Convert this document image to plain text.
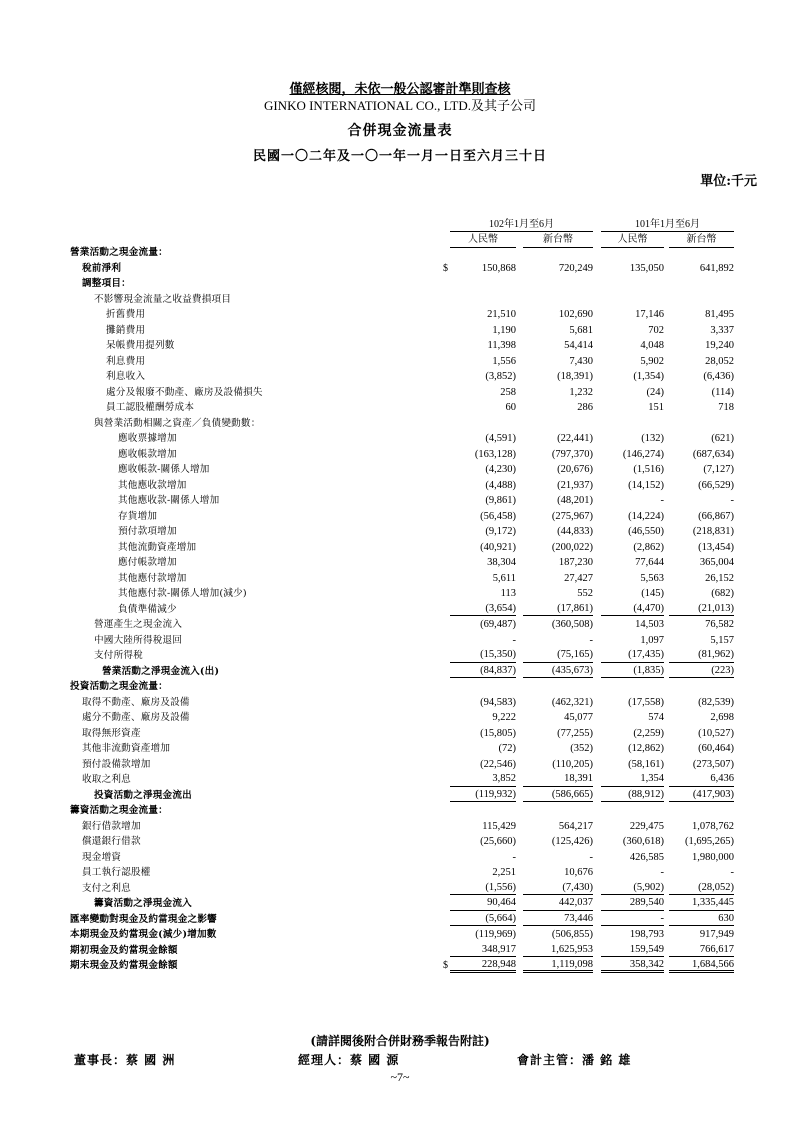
僅經核閱，未依一般公認審計準則查核
GINKO INTERNATIONAL CO., LTD.及其子公司
合併現金流量表
民國一〇二年及一〇一年一月一日至六月三十日
單位:千元
102年1月至6月	101年1月至6月
人民幣	新台幣	人民幣	新台幣
營業活動之現金流量：
稅前淨利	$	150,868	720,249	135,050	641,892
調整項目：
不影響現金流量之收益費損項目
折舊費用	21,510	102,690	17,146	81,495
攤銷費用	1,190	5,681	702	3,337
呆帳費用提列數	11,398	54,414	4,048	19,240
利息費用	1,556	7,430	5,902	28,052
利息收入	(3,852)	(18,391)	(1,354)	(6,436)
處分及報廢不動產、廠房及設備損失	258	1,232	(24)	(114)
員工認股權酬勞成本	60	286	151	718
與營業活動相關之資產／負債變動數：
應收票據增加	(4,591)	(22,441)	(132)	(621)
應收帳款增加	(163,128)	(797,370)	(146,274)	(687,634)
應收帳款-關係人增加	(4,230)	(20,676)	(1,516)	(7,127)
其他應收款增加	(4,488)	(21,937)	(14,152)	(66,529)
其他應收款-關係人增加	(9,861)	(48,201)	-	-
存貨增加	(56,458)	(275,967)	(14,224)	(66,867)
預付款項增加	(9,172)	(44,833)	(46,550)	(218,831)
其他流動資產增加	(40,921)	(200,022)	(2,862)	(13,454)
應付帳款增加	38,304	187,230	77,644	365,004
其他應付款增加	5,611	27,427	5,563	26,152
其他應付款-關係人增加(減少)	113	552	(145)	(682)
負債準備減少	(3,654)	(17,861)	(4,470)	(21,013)
營運產生之現金流入	(69,487)	(360,508)	14,503	76,582
中國大陸所得稅退回	-	-	1,097	5,157
支付所得稅	(15,350)	(75,165)	(17,435)	(81,962)
營業活動之淨現金流入(出)	(84,837)	(435,673)	(1,835)	(223)
投資活動之現金流量：
取得不動產、廠房及設備	(94,583)	(462,321)	(17,558)	(82,539)
處分不動產、廠房及設備	9,222	45,077	574	2,698
取得無形資產	(15,805)	(77,255)	(2,259)	(10,527)
其他非流動資產增加	(72)	(352)	(12,862)	(60,464)
預付設備款增加	(22,546)	(110,205)	(58,161)	(273,507)
收取之利息	3,852	18,391	1,354	6,436
投資活動之淨現金流出	(119,932)	(586,665)	(88,912)	(417,903)
籌資活動之現金流量：
銀行借款增加	115,429	564,217	229,475	1,078,762
償還銀行借款	(25,660)	(125,426)	(360,618)	(1,695,265)
現金增資	-	-	426,585	1,980,000
員工執行認股權	2,251	10,676	-	-
支付之利息	(1,556)	(7,430)	(5,902)	(28,052)
籌資活動之淨現金流入	90,464	442,037	289,540	1,335,445
匯率變動對現金及約當現金之影響	(5,664)	73,446	-	630
本期現金及約當現金(減少)增加數	(119,969)	(506,855)	198,793	917,949
期初現金及約當現金餘額	348,917	1,625,953	159,549	766,617
期末現金及約當現金餘額	$	228,948	1,119,098	358,342	1,684,566
(請詳閱後附合併財務季報告附註)
董事長：蔡 國 洲	經理人：蔡 國 源	會計主管：潘 銘 雄
~7~
